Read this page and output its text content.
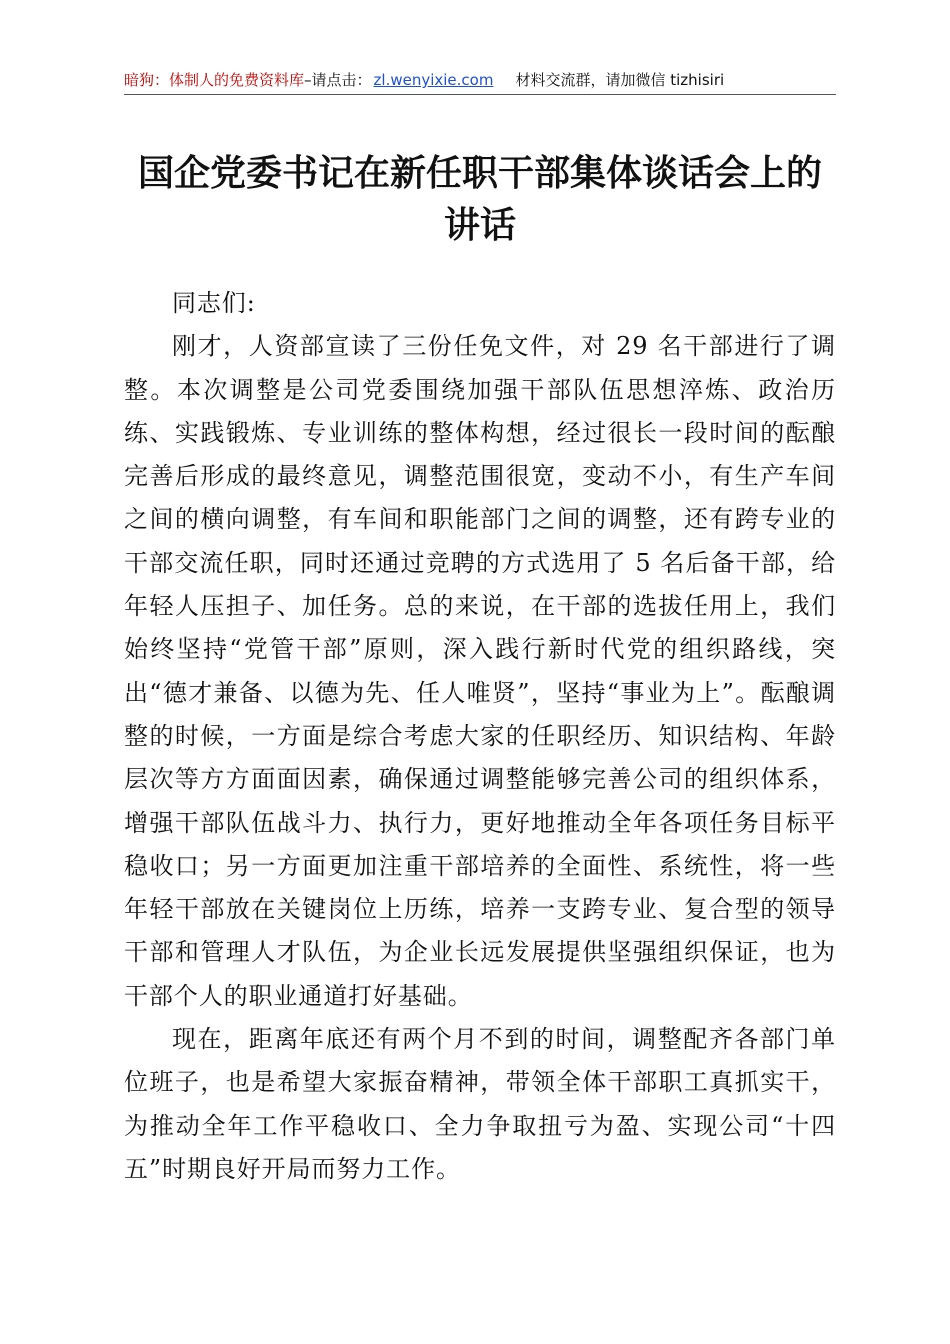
暗狗：体制人的免费资料库–请点击： zl.wenyixie.com 材料交流群，请加微信 tizhisiri
国企党委书记在新任职干部集体谈话会上的讲话

同志们:

刚才，人资部宣读了三份任免文件，对 29 名干部进行了调整。本次调整是公司党委围绕加强干部队伍思想淬炼、政治历练、实践锻炼、专业训练的整体构想，经过很长一段时间的酝酿完善后形成的最终意见，调整范围很宽，变动不小，有生产车间之间的横向调整，有车间和职能部门之间的调整，还有跨专业的干部交流任职，同时还通过竞聘的方式选用了 5 名后备干部，给年轻人压担子、加任务。总的来说，在干部的选拔任用上，我们始终坚持“党管干部”原则，深入践行新时代党的组织路线，突出“德才兼备、以德为先、任人唯贤”，坚持“事业为上”。酝酿调整的时候，一方面是综合考虑大家的任职经历、知识结构、年龄层次等方方面面因素，确保通过调整能够完善公司的组织体系，增强干部队伍战斗力、执行力，更好地推动全年各项任务目标平稳收口；另一方面更加注重干部培养的全面性、系统性，将一些年轻干部放在关键岗位上历练，培养一支跨专业、复合型的领导干部和管理人才队伍，为企业长远发展提供坚强组织保证，也为干部个人的职业通道打好基础。

现在，距离年底还有两个月不到的时间，调整配齐各部门单位班子，也是希望大家振奋精神，带领全体干部职工真抓实干，为推动全年工作平稳收口、全力争取扭亏为盈、实现公司“十四五”时期良好开局而努力工作。
